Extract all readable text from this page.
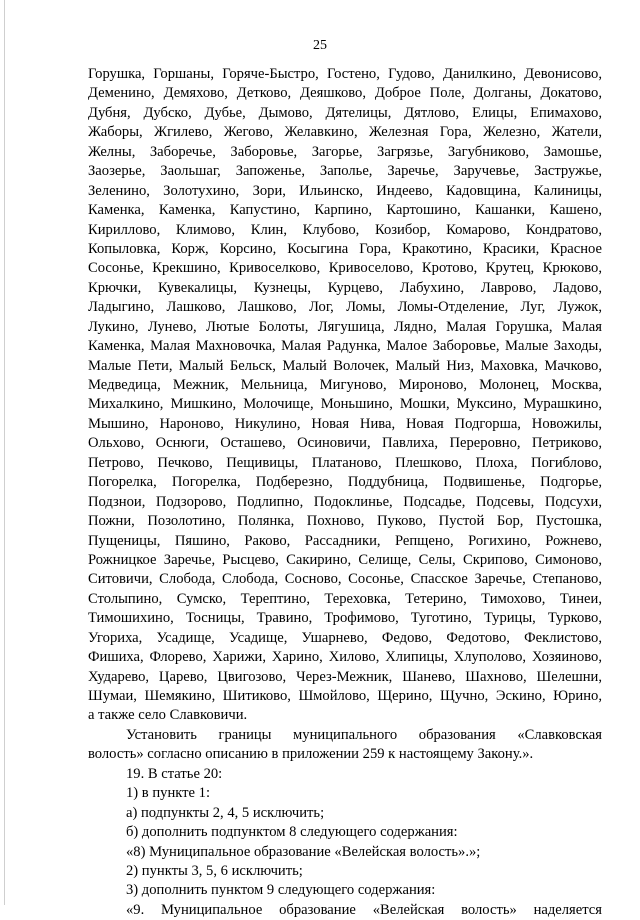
25
Горушка, Горшаны, Горяче-Быстро, Гостено, Гудово, Данилкино, Девонисово,
Деменино, Демяхово, Детково, Деяшково, Доброе Поле, Долганы, Докатово,
Дубня, Дубско, Дубье, Дымово, Дятелицы, Дятлово, Елицы, Епимахово,
Жаборы, Жгилево, Жегово, Желавкино, Железная Гора, Железно, Жатели,
Желны, Заборечье, Заборовье, Загорье, Загрязье, Загубниково, Замошье,
Заозерье, Заольшаг, Запоженье, Заполье, Заречье, Заручевье, Застружье,
Зеленино, Золотухино, Зори, Ильинско, Индеево, Кадовщина, Калиницы,
Каменка, Каменка, Капустино, Карпино, Картошино, Кашанки, Кашено,
Кириллово, Климово, Клин, Клубово, Козибор, Комарово, Кондратово,
Копыловка, Корж, Корсино, Косыгина Гора, Кракотино, Красики, Красное
Сосонье, Крекшино, Кривоселково, Кривоселово, Кротово, Крутец, Крюково,
Крючки, Кувекалицы, Кузнецы, Курцево, Лабухино, Лаврово, Ладово,
Ладыгино, Лашково, Лашково, Лог, Ломы, Ломы-Отделение, Луг, Лужок,
Лукино, Лунево, Лютые Болоты, Лягушица, Лядно, Малая Горушка, Малая
Каменка, Малая Махновочка, Малая Радунка, Малое Заборовье, Малые Заходы,
Малые Пети, Малый Бельск, Малый Волочек, Малый Низ, Маховка, Мачково,
Медведица, Межник, Мельница, Мигуново, Мироново, Молонец, Москва,
Михалкино, Мишкино, Молочище, Моньшино, Мошки, Муксино, Мурашкино,
Мышино, Нароново, Никулино, Новая Нива, Новая Подгорша, Новожилы,
Ольхово, Оснюги, Осташево, Осиновичи, Павлиха, Переровно, Петриково,
Петрово, Печково, Пещивицы, Платаново, Плешково, Плоха, Погиблово,
Погорелка, Погорелка, Подберезно, Поддубница, Подвишенье, Подгорье,
Подзнои, Подзорово, Подлипно, Подоклинье, Подсадье, Подсевы, Подсухи,
Пожни, Позолотино, Полянка, Похново, Пуково, Пустой Бор, Пустошка,
Пущеницы, Пяшино, Раково, Рассадники, Репщено, Рогихино, Рожнево,
Рожницкое Заречье, Рысцево, Сакирино, Селище, Селы, Скрипово, Симоново,
Ситовичи, Слобода, Слобода, Сосново, Сосонье, Спасское Заречье, Степаново,
Столыпино, Сумско, Терептино, Тереховка, Тетерино, Тимохово, Тинеи,
Тимошихино, Тосницы, Травино, Трофимово, Туготино, Турицы, Турково,
Угориха, Усадище, Усадище, Ушарнево, Федово, Федотово, Феклистово,
Фишиха, Флорево, Харижи, Харино, Хилово, Хлипицы, Хлуполово, Хозяиново,
Хударево, Царево, Цвигозово, Через-Межник, Шанево, Шахново, Шелешни,
Шумаи, Шемякино, Шитиково, Шмойлово, Щерино, Щучно, Эскино, Юрино,
а также село Славковичи.
Установить границы муниципального образования «Славковская
волость» согласно описанию в приложении 259 к настоящему Закону.».
19. В статье 20:
1) в пункте 1:
а) подпункты 2, 4, 5 исключить;
б) дополнить подпунктом 8 следующего содержания:
«8) Муниципальное образование «Велейская волость».»;
2) пункты 3, 5, 6 исключить;
3) дополнить пунктом 9 следующего содержания:
«9. Муниципальное образование «Велейская волость» наделяется
